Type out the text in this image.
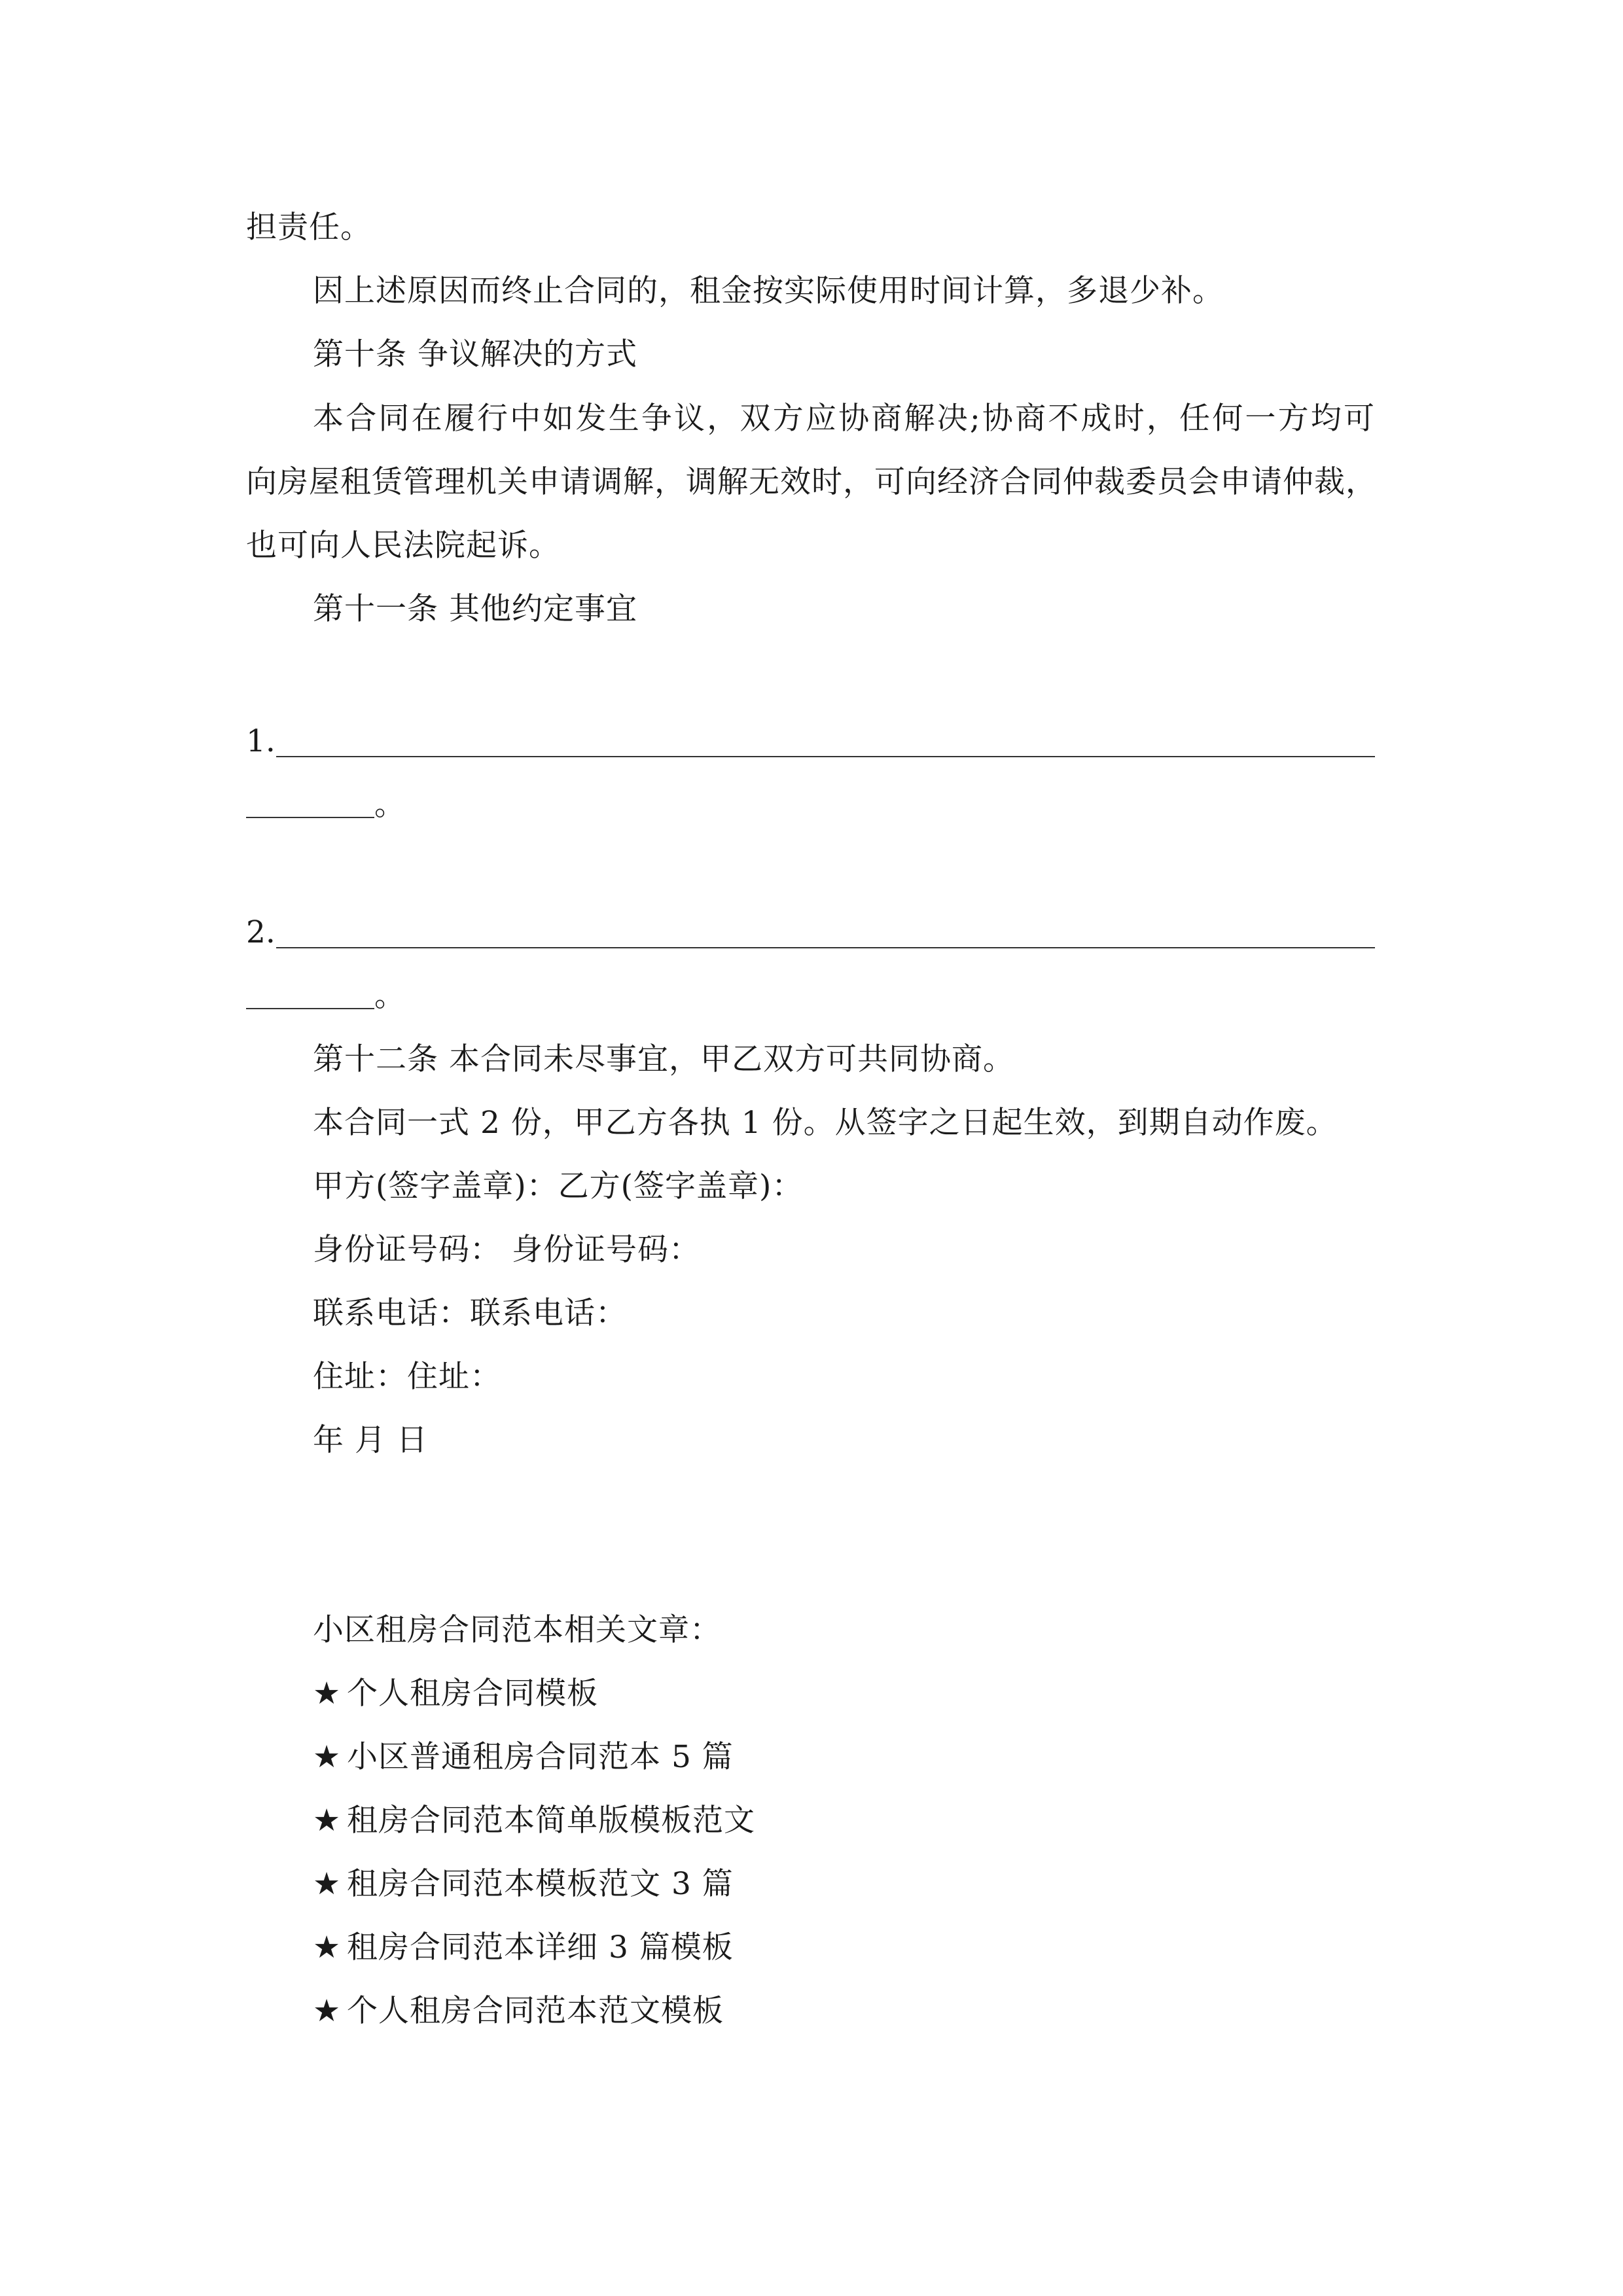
担责任。
因上述原因而终止合同的，租金按实际使用时间计算，多退少补。
第十条 争议解决的方式
本合同在履行中如发生争议，双方应协商解决;协商不成时，任何一方均可
向房屋租赁管理机关申请调解，调解无效时，可向经济合同仲裁委员会申请仲裁，
也可向人民法院起诉。
第十一条 其他约定事宜
1.
。
2.
。
第十二条 本合同未尽事宜，甲乙双方可共同协商。
本合同一式 2 份，甲乙方各执 1 份。从签字之日起生效，到期自动作废。
甲方(签字盖章)：乙方(签字盖章)：
身份证号码： 身份证号码：
联系电话：联系电话：
住址：住址：
年 月 日
小区租房合同范本相关文章：
★ 个人租房合同模板
★ 小区普通租房合同范本 5 篇
★ 租房合同范本简单版模板范文
★ 租房合同范本模板范文 3 篇
★ 租房合同范本详细 3 篇模板
★ 个人租房合同范本范文模板
